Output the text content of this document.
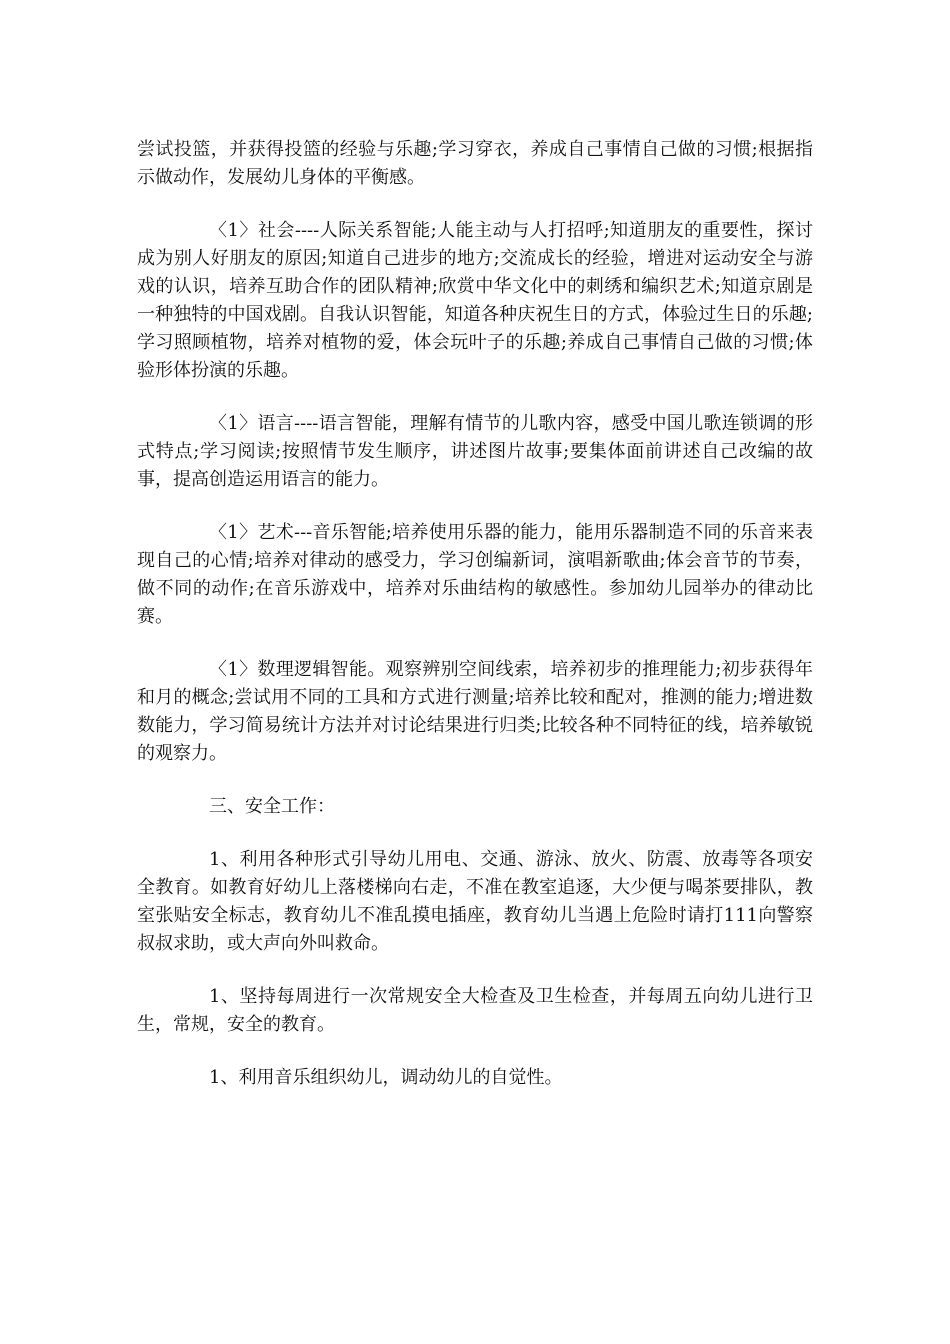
尝试投篮，并获得投篮的经验与乐趣;学习穿衣，养成自己事情自己做的习惯;根据指示做动作，发展幼儿身体的平衡感。

〈1〉社会----人际关系智能;人能主动与人打招呼;知道朋友的重要性，探讨成为别人好朋友的原因;知道自己进步的地方;交流成长的经验，增进对运动安全与游戏的认识，培养互助合作的团队精神;欣赏中华文化中的刺绣和编织艺术;知道京剧是一种独特的中国戏剧。自我认识智能，知道各种庆祝生日的方式，体验过生日的乐趣;学习照顾植物，培养对植物的爱，体会玩叶子的乐趣;养成自己事情自己做的习惯;体验形体扮演的乐趣。

〈1〉语言----语言智能，理解有情节的儿歌内容，感受中国儿歌连锁调的形式特点;学习阅读;按照情节发生顺序，讲述图片故事;要集体面前讲述自己改编的故事，提高创造运用语言的能力。

〈1〉艺术---音乐智能;培养使用乐器的能力，能用乐器制造不同的乐音来表现自己的心情;培养对律动的感受力，学习创编新词，演唱新歌曲;体会音节的节奏，做不同的动作;在音乐游戏中，培养对乐曲结构的敏感性。参加幼儿园举办的律动比赛。

〈1〉数理逻辑智能。观察辨别空间线索，培养初步的推理能力;初步获得年和月的概念;尝试用不同的工具和方式进行测量;培养比较和配对，推测的能力;增进数数能力，学习简易统计方法并对讨论结果进行归类;比较各种不同特征的线，培养敏锐的观察力。

三、安全工作：

1、利用各种形式引导幼儿用电、交通、游泳、放火、防震、放毒等各项安全教育。如教育好幼儿上落楼梯向右走，不准在教室追逐，大少便与喝茶要排队，教室张贴安全标志，教育幼儿不准乱摸电插座，教育幼儿当遇上危险时请打111向警察叔叔求助，或大声向外叫救命。

1、坚持每周进行一次常规安全大检查及卫生检查，并每周五向幼儿进行卫生，常规，安全的教育。

1、利用音乐组织幼儿，调动幼儿的自觉性。
